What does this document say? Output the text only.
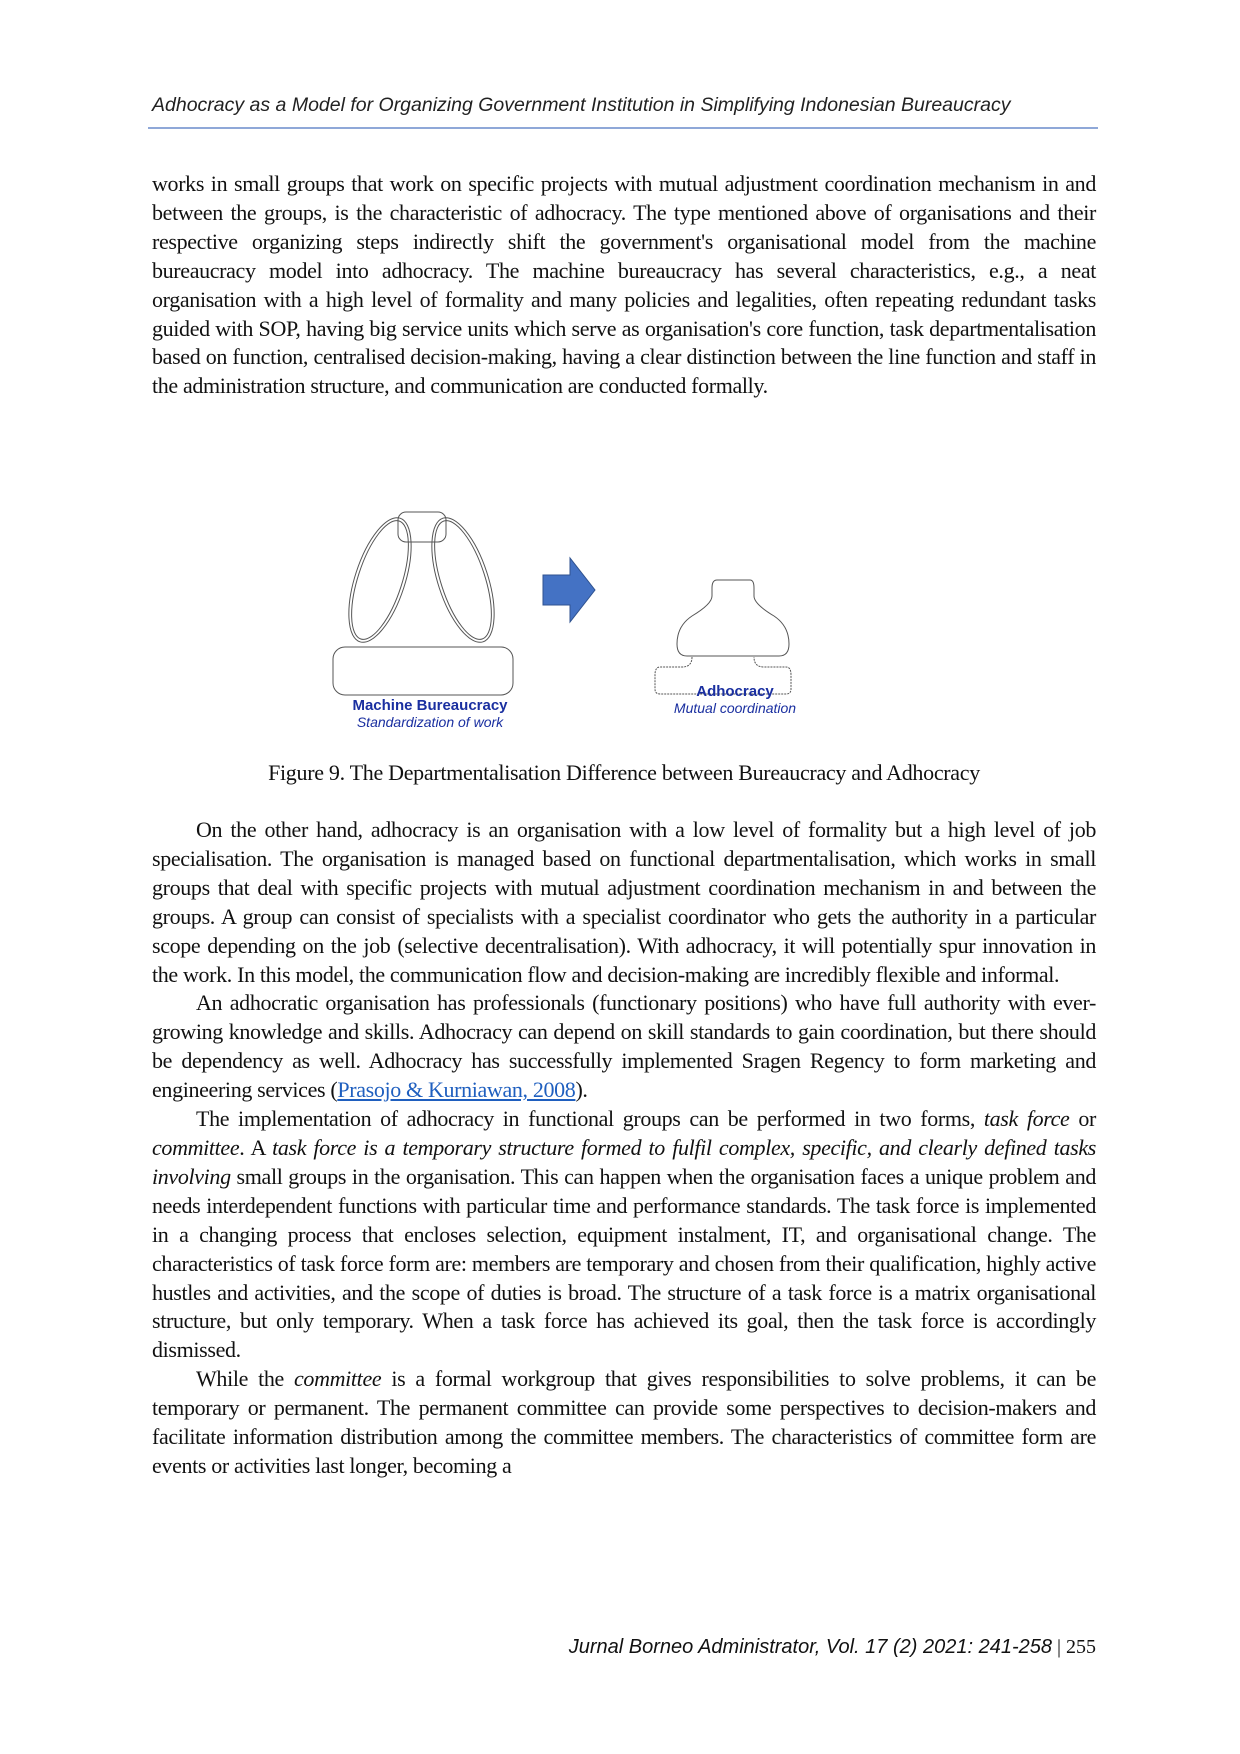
Adhocracy as a Model for Organizing Government Institution in Simplifying Indonesian Bureaucracy

works in small groups that work on specific projects with mutual adjustment coordination mechanism in and between the groups, is the characteristic of adhocracy. The type mentioned above of organisations and their respective organizing steps indirectly shift the government's organisational model from the machine bureaucracy model into adhocracy. The machine bureaucracy has several characteristics, e.g., a neat organisation with a high level of formality and many policies and legalities, often repeating redundant tasks guided with SOP, having big service units which serve as organisation's core function, task departmentalisation based on function, centralised decision-making, having a clear distinction between the line function and staff in the administration structure, and communication are conducted formally.

Machine Bureaucracy
Standardization of work
Adhocracy
Mutual coordination
Figure 9. The Departmentalisation Difference between Bureaucracy and Adhocracy

On the other hand, adhocracy is an organisation with a low level of formality but a high level of job specialisation. The organisation is managed based on functional departmentalisation, which works in small groups that deal with specific projects with mutual adjustment coordination mechanism in and between the groups. A group can consist of specialists with a specialist coordinator who gets the authority in a particular scope depending on the job (selective decentralisation). With adhocracy, it will potentially spur innovation in the work. In this model, the communication flow and decision-making are incredibly flexible and informal.

An adhocratic organisation has professionals (functionary positions) who have full authority with ever-growing knowledge and skills. Adhocracy can depend on skill standards to gain coordination, but there should be dependency as well. Adhocracy has successfully implemented Sragen Regency to form marketing and engineering services (Prasojo & Kurniawan, 2008).

The implementation of adhocracy in functional groups can be performed in two forms, task force or committee. A task force is a temporary structure formed to fulfil complex, specific, and clearly defined tasks involving small groups in the organisation. This can happen when the organisation faces a unique problem and needs interdependent functions with particular time and performance standards. The task force is implemented in a changing process that encloses selection, equipment instalment, IT, and organisational change. The characteristics of task force form are: members are temporary and chosen from their qualification, highly active hustles and activities, and the scope of duties is broad. The structure of a task force is a matrix organisational structure, but only temporary. When a task force has achieved its goal, then the task force is accordingly dismissed.

While the committee is a formal workgroup that gives responsibilities to solve problems, it can be temporary or permanent. The permanent committee can provide some perspectives to decision-makers and facilitate information distribution among the committee members. The characteristics of committee form are events or activities last longer, becoming a

Jurnal Borneo Administrator, Vol. 17 (2) 2021: 241-258 | 255
